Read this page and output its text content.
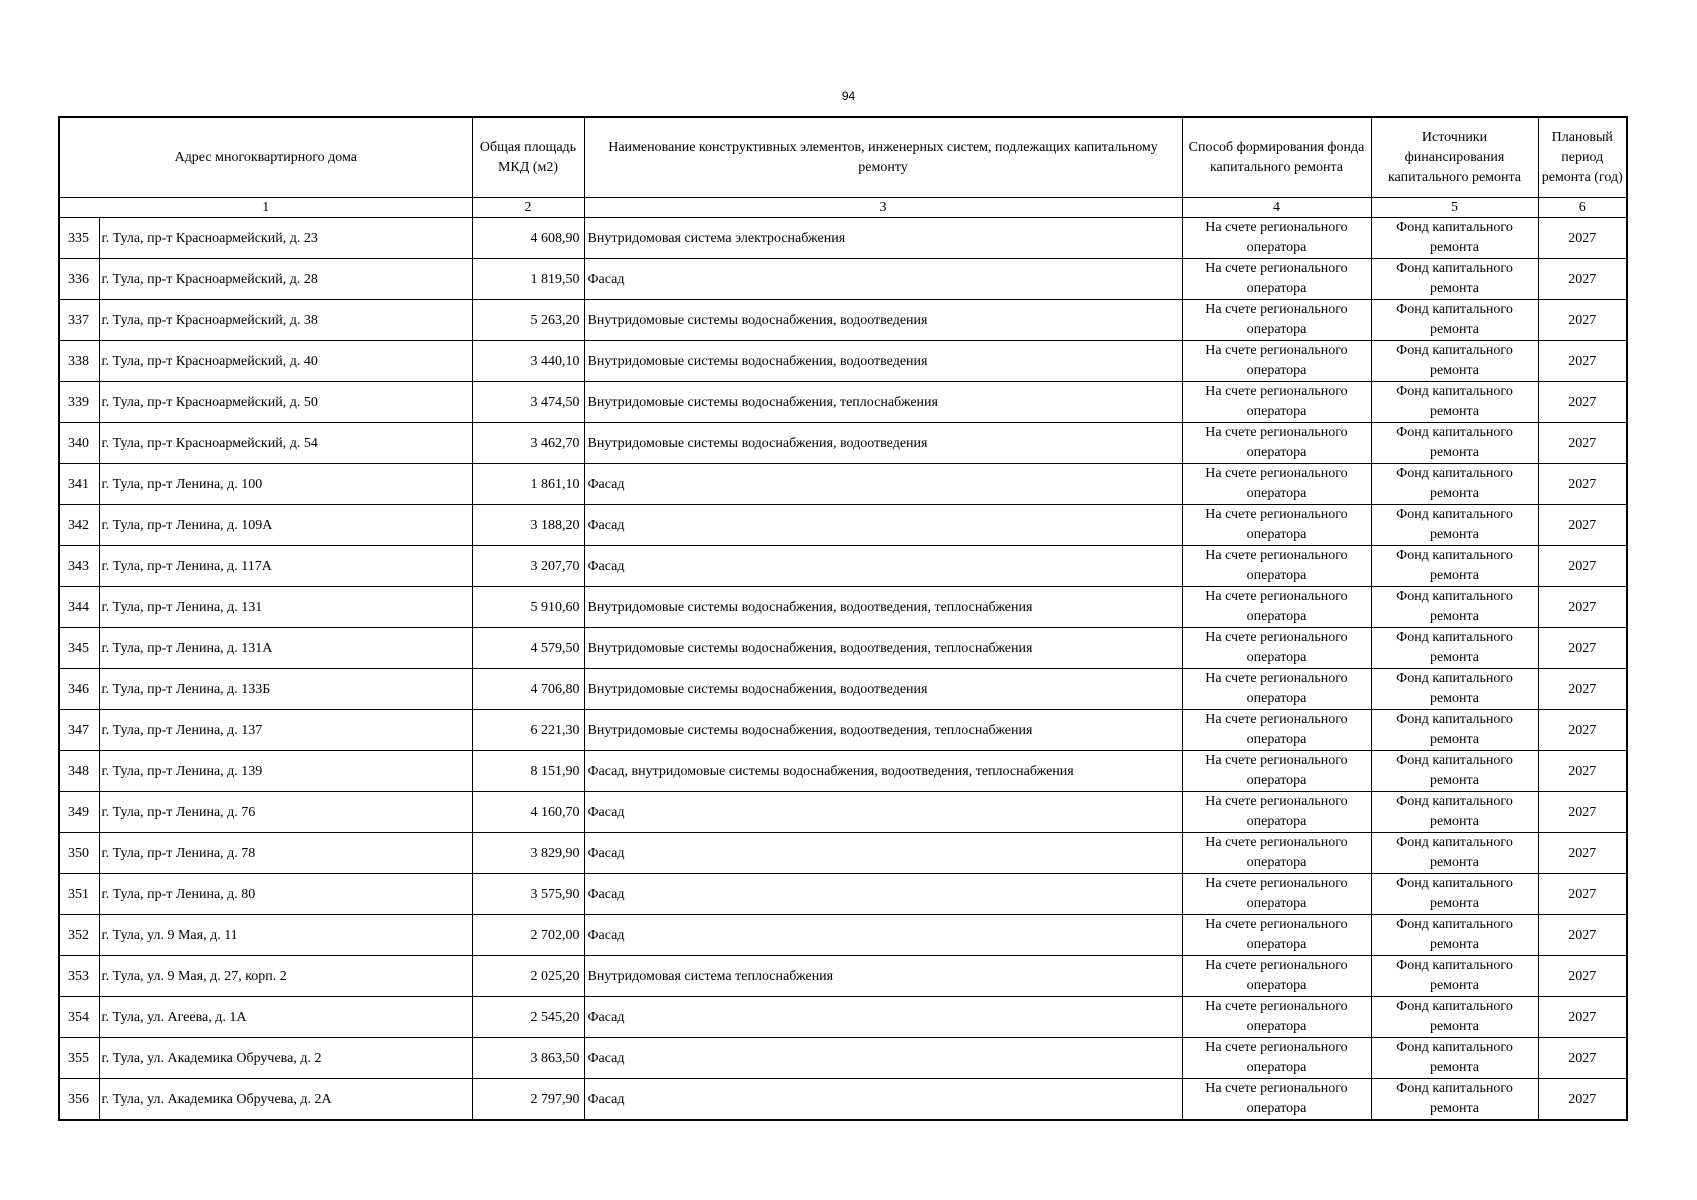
94
Адрес многоквартирного дома		Общая площадь МКД (м2)	Наименование конструктивных элементов, инженерных систем, подлежащих капитальному ремонту	Способ формирования фонда капитального ремонта	Источники финансирования капитального ремонта	Плановый период ремонта (год)
1		2	3	4	5	6
335	г. Тула, пр-т Красноармейский, д. 23	4 608,90	Внутридомовая система электроснабжения	На счете регионального оператора	Фонд капитального ремонта	2027
336	г. Тула, пр-т Красноармейский, д. 28	1 819,50	Фасад	На счете регионального оператора	Фонд капитального ремонта	2027
337	г. Тула, пр-т Красноармейский, д. 38	5 263,20	Внутридомовые системы водоснабжения, водоотведения	На счете регионального оператора	Фонд капитального ремонта	2027
338	г. Тула, пр-т Красноармейский, д. 40	3 440,10	Внутридомовые системы водоснабжения, водоотведения	На счете регионального оператора	Фонд капитального ремонта	2027
339	г. Тула, пр-т Красноармейский, д. 50	3 474,50	Внутридомовые системы водоснабжения, теплоснабжения	На счете регионального оператора	Фонд капитального ремонта	2027
340	г. Тула, пр-т Красноармейский, д. 54	3 462,70	Внутридомовые системы водоснабжения, водоотведения	На счете регионального оператора	Фонд капитального ремонта	2027
341	г. Тула, пр-т Ленина, д. 100	1 861,10	Фасад	На счете регионального оператора	Фонд капитального ремонта	2027
342	г. Тула, пр-т Ленина, д. 109А	3 188,20	Фасад	На счете регионального оператора	Фонд капитального ремонта	2027
343	г. Тула, пр-т Ленина, д. 117А	3 207,70	Фасад	На счете регионального оператора	Фонд капитального ремонта	2027
344	г. Тула, пр-т Ленина, д. 131	5 910,60	Внутридомовые системы водоснабжения, водоотведения, теплоснабжения	На счете регионального оператора	Фонд капитального ремонта	2027
345	г. Тула, пр-т Ленина, д. 131А	4 579,50	Внутридомовые системы водоснабжения, водоотведения, теплоснабжения	На счете регионального оператора	Фонд капитального ремонта	2027
346	г. Тула, пр-т Ленина, д. 133Б	4 706,80	Внутридомовые системы водоснабжения, водоотведения	На счете регионального оператора	Фонд капитального ремонта	2027
347	г. Тула, пр-т Ленина, д. 137	6 221,30	Внутридомовые системы водоснабжения, водоотведения, теплоснабжения	На счете регионального оператора	Фонд капитального ремонта	2027
348	г. Тула, пр-т Ленина, д. 139	8 151,90	Фасад, внутридомовые системы водоснабжения, водоотведения, теплоснабжения	На счете регионального оператора	Фонд капитального ремонта	2027
349	г. Тула, пр-т Ленина, д. 76	4 160,70	Фасад	На счете регионального оператора	Фонд капитального ремонта	2027
350	г. Тула, пр-т Ленина, д. 78	3 829,90	Фасад	На счете регионального оператора	Фонд капитального ремонта	2027
351	г. Тула, пр-т Ленина, д. 80	3 575,90	Фасад	На счете регионального оператора	Фонд капитального ремонта	2027
352	г. Тула, ул. 9 Мая, д. 11	2 702,00	Фасад	На счете регионального оператора	Фонд капитального ремонта	2027
353	г. Тула, ул. 9 Мая, д. 27, корп. 2	2 025,20	Внутридомовая система теплоснабжения	На счете регионального оператора	Фонд капитального ремонта	2027
354	г. Тула, ул. Агеева, д. 1А	2 545,20	Фасад	На счете регионального оператора	Фонд капитального ремонта	2027
355	г. Тула, ул. Академика Обручева, д. 2	3 863,50	Фасад	На счете регионального оператора	Фонд капитального ремонта	2027
356	г. Тула, ул. Академика Обручева, д. 2А	2 797,90	Фасад	На счете регионального оператора	Фонд капитального ремонта	2027
